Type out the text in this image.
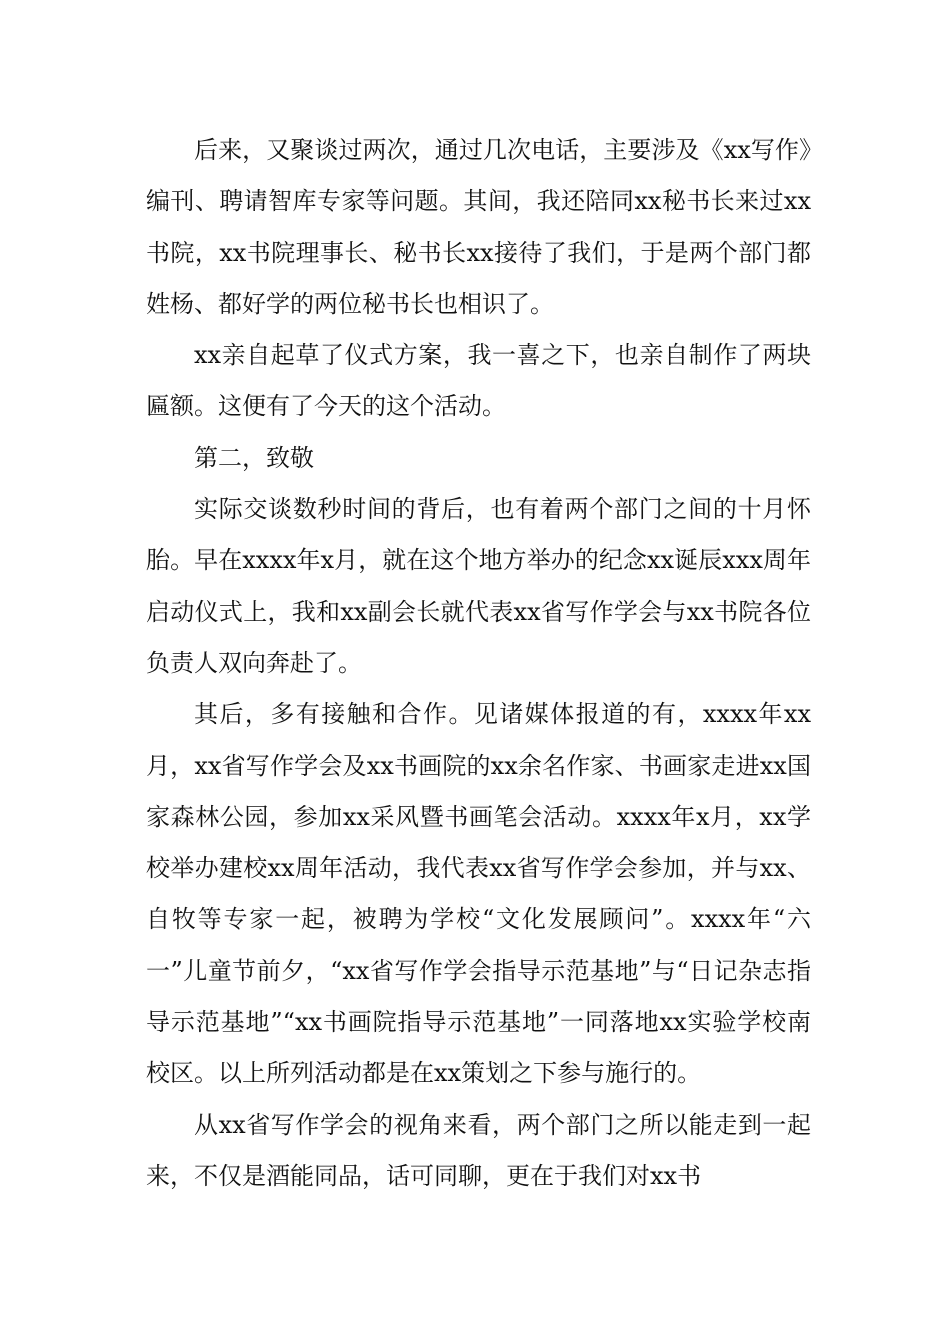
后来，又聚谈过两次，通过几次电话，主要涉及《xx写作》编刊、聘请智库专家等问题。其间，我还陪同xx秘书长来过xx书院，xx书院理事长、秘书长xx接待了我们，于是两个部门都姓杨、都好学的两位秘书长也相识了。

xx亲自起草了仪式方案，我一喜之下，也亲自制作了两块匾额。这便有了今天的这个活动。

第二，致敬

实际交谈数秒时间的背后，也有着两个部门之间的十月怀胎。早在xxxx年x月，就在这个地方举办的纪念xx诞辰xxx周年启动仪式上，我和xx副会长就代表xx省写作学会与xx书院各位负责人双向奔赴了。

其后，多有接触和合作。见诸媒体报道的有，xxxx年xx月，xx省写作学会及xx书画院的xx余名作家、书画家走进xx国家森林公园，参加xx采风暨书画笔会活动。xxxx年x月，xx学校举办建校xx周年活动，我代表xx省写作学会参加，并与xx、自牧等专家一起，被聘为学校“文化发展顾问”。xxxx年“六一”儿童节前夕，“xx省写作学会指导示范基地”与“日记杂志指导示范基地”“xx书画院指导示范基地”一同落地xx实验学校南校区。以上所列活动都是在xx策划之下参与施行的。

从xx省写作学会的视角来看，两个部门之所以能走到一起来，不仅是酒能同品，话可同聊，更在于我们对xx书
